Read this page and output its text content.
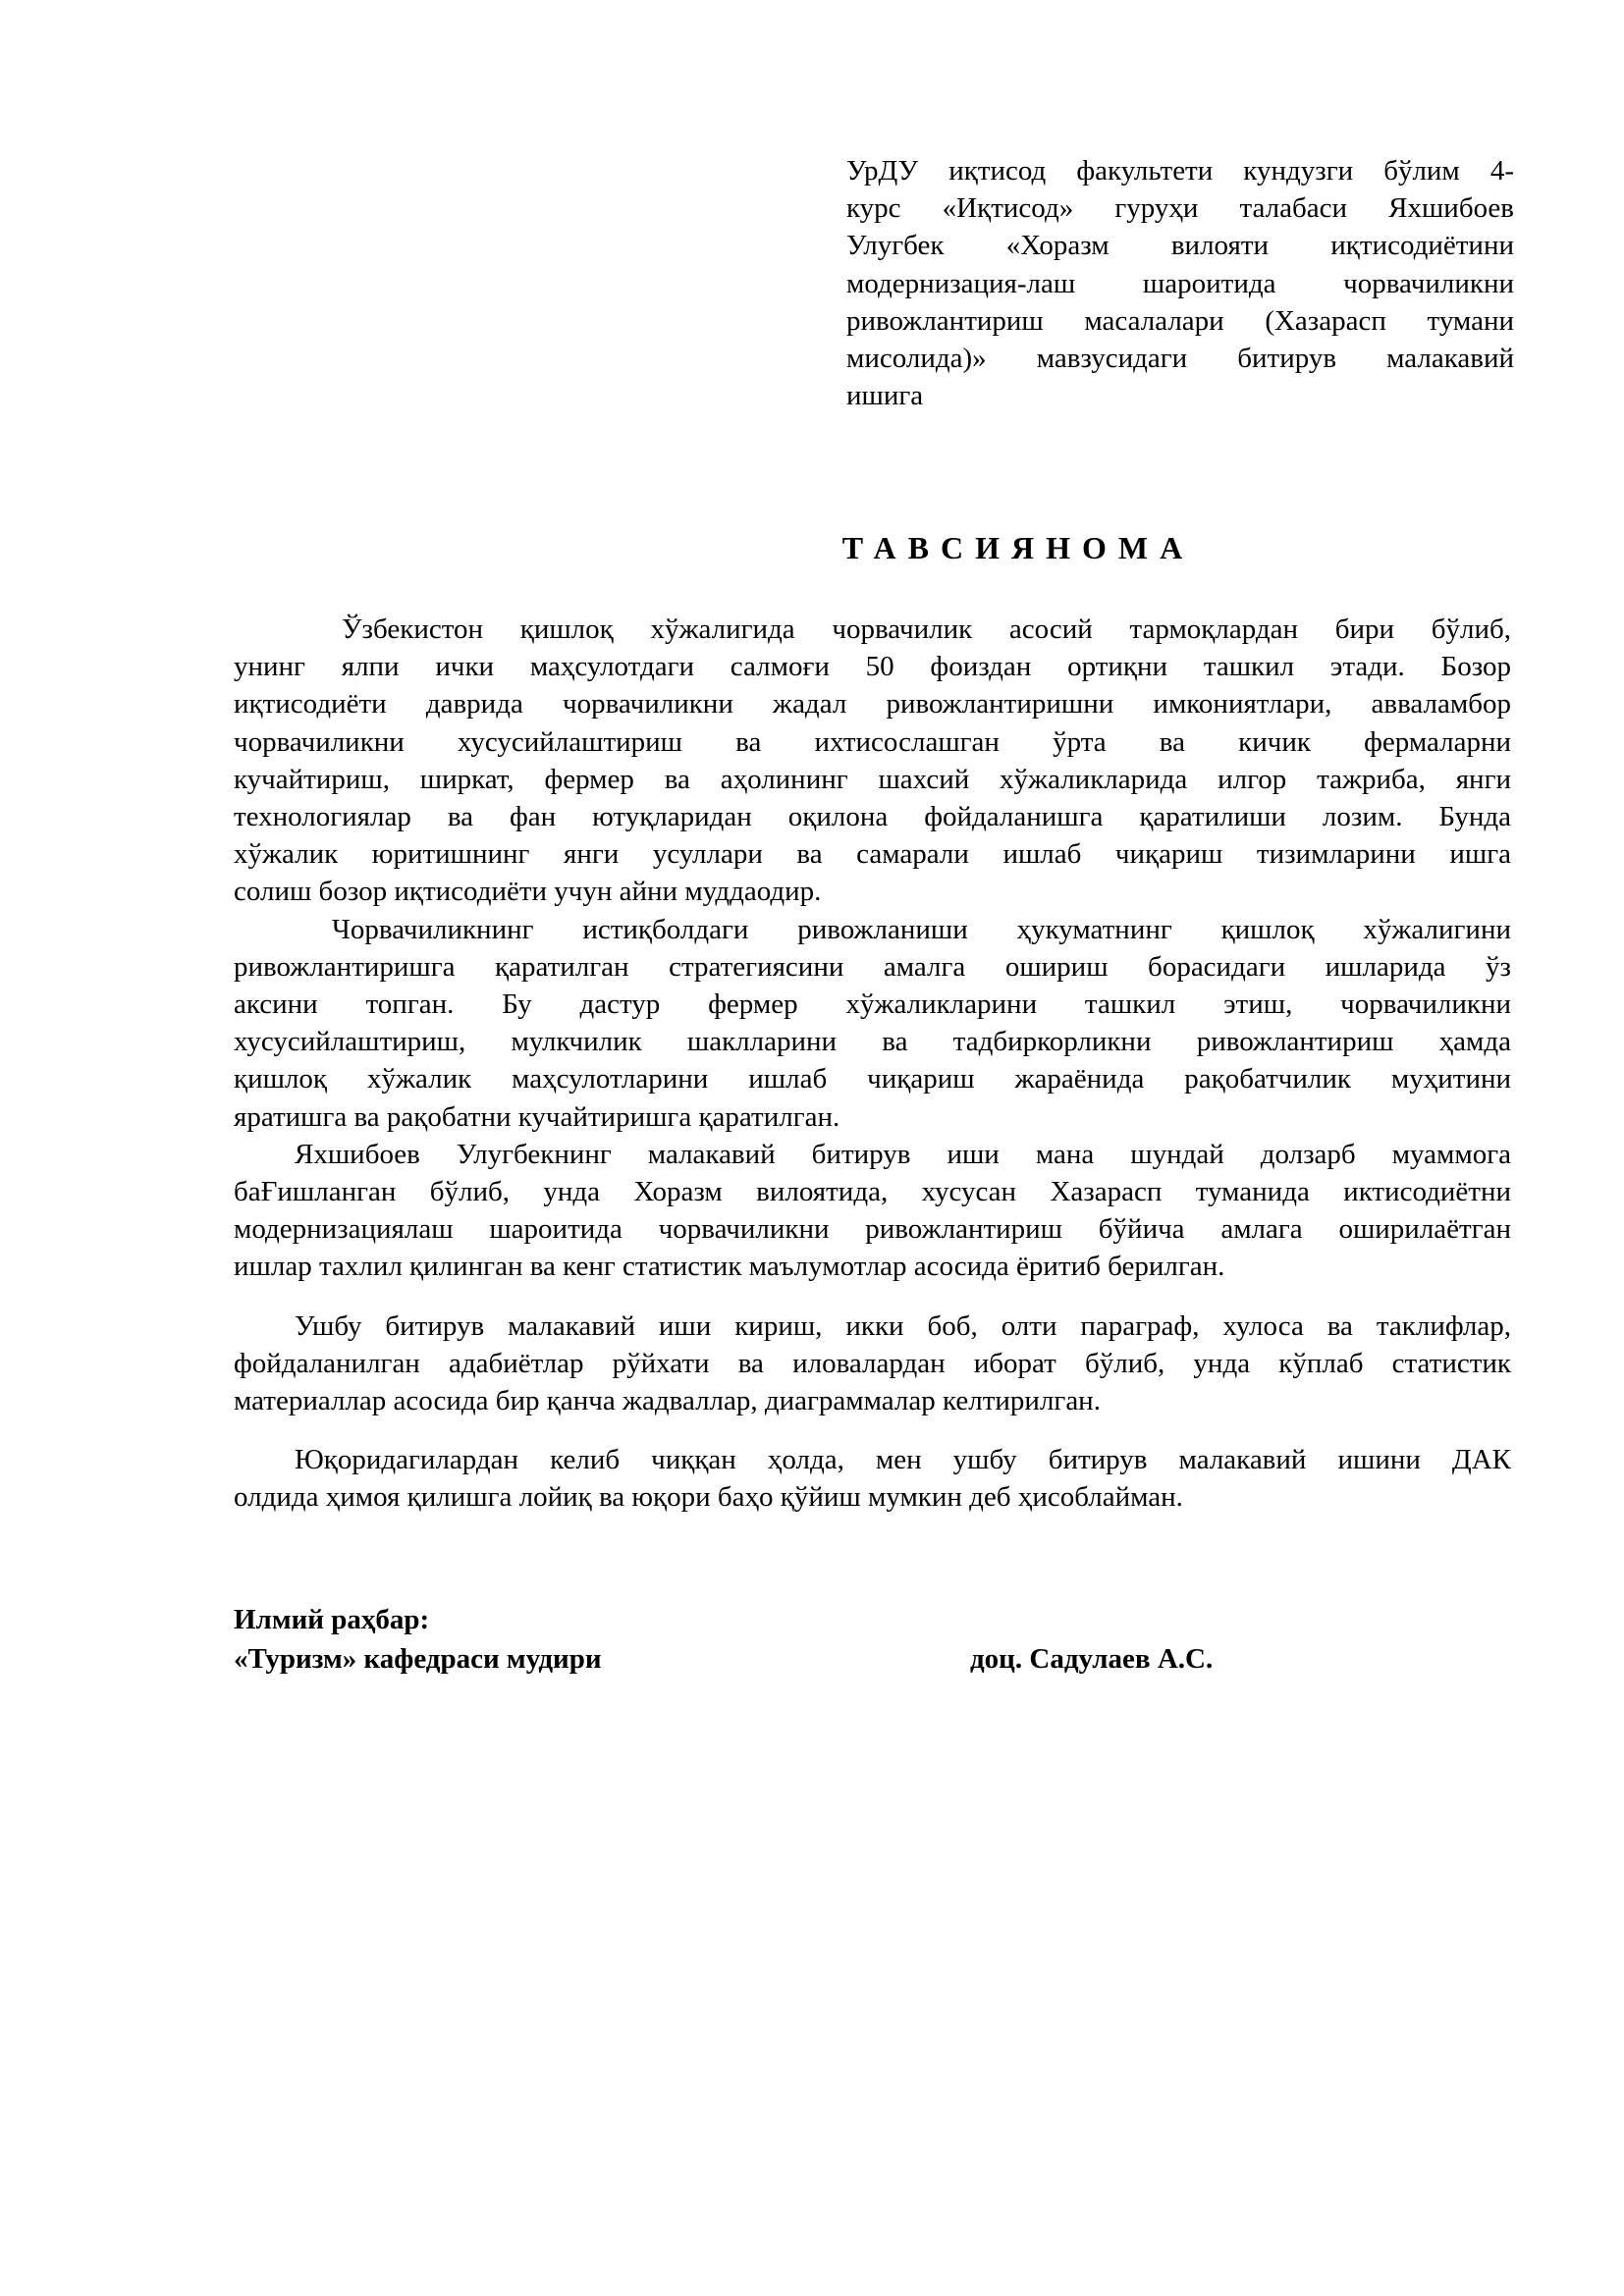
УрДУ иқтисод факультети кундузги бўлим 4-
курс «Иқтисод» гуруҳи талабаси Яхшибоев
Улугбек «Хоразм вилояти иқтисодиётини
модернизация-лаш шароитида чорвачиликни
ривожлантириш масалалари (Хазарасп тумани
мисолида)» мавзусидаги битирув малакавий
ишига
ТАВСИЯНОМА
Ўзбекистон қишлоқ хўжалигида чорвачилик асосий тармоқлардан бири бўлиб,
унинг ялпи ички маҳсулотдаги салмоғи 50 фоиздан ортиқни ташкил этади. Бозор
иқтисодиёти даврида чорвачиликни жадал ривожлантиришни имкониятлари, авваламбор
чорвачиликни хусусийлаштириш ва ихтисослашган ўрта ва кичик фермаларни
кучайтириш, ширкат, фермер ва аҳолининг шахсий хўжаликларида илгор тажриба, янги
технологиялар ва фан ютуқларидан оқилона фойдаланишга қаратилиши лозим. Бунда
хўжалик юритишнинг янги усуллари ва самарали ишлаб чиқариш тизимларини ишга
солиш бозор иқтисодиёти учун айни муддаодир.
Чорвачиликнинг истиқболдаги ривожланиши ҳукуматнинг қишлоқ хўжалигини
ривожлантиришга қаратилган стратегиясини амалга ошириш борасидаги ишларида ўз
аксини топган. Бу дастур фермер хўжаликларини ташкил этиш, чорвачиликни
хусусийлаштириш, мулкчилик шаклларини ва тадбиркорликни ривожлантириш ҳамда
қишлоқ хўжалик маҳсулотларини ишлаб чиқариш жараёнида рақобатчилик муҳитини
яратишга ва рақобатни кучайтиришга қаратилган.
Яхшибоев Улугбекнинг малакавий битирув иши мана шундай долзарб муаммога
баҒишланган бўлиб, унда Хоразм вилоятида, хусусан Хазарасп туманида иктисодиётни
модернизациялаш шароитида чорвачиликни ривожлантириш бўйича амлага оширилаётган
ишлар тахлил қилинган ва кенг статистик маълумотлар асосида ёритиб берилган.
Ушбу битирув малакавий иши кириш, икки боб, олти параграф, хулоса ва таклифлар,
фойдаланилган адабиётлар рўйхати ва иловалардан иборат бўлиб, унда кўплаб статистик
материаллар асосида бир қанча жадваллар, диаграммалар келтирилган.
Юқоридагилардан келиб чиққан ҳолда, мен ушбу битирув малакавий ишини ДАК
олдида ҳимоя қилишга лойиқ ва юқори баҳо қўйиш мумкин деб ҳисоблайман.
Илмий раҳбар:
«Туризм» кафедраси мудири	доц. Садулаев А.С.
